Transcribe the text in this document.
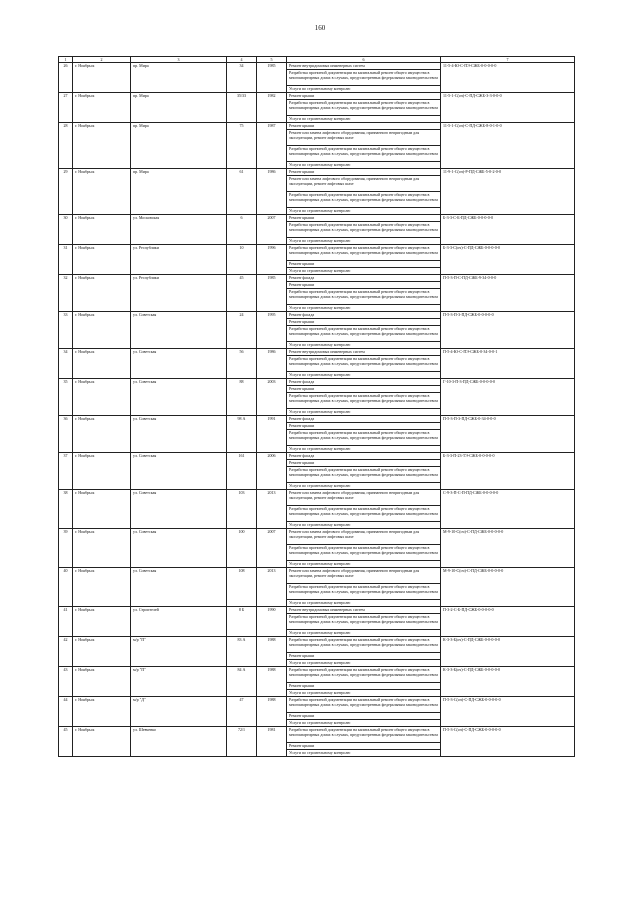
160
1	2	3	4	5	6	7
26	г. Ноябрьск	пр. Мира	34	1985	Ремонт внутридомовых инженерных систем	11-5-4-Ю-С-ПЭ-СЖБ-0-0-0-0-0
					Разработка проектной документации на капитальный ремонт общего имущества в многоквартирных домах в случаях, предусмотренных федеральным законодательством	
					Услуги по строительному контролю	
27	г. Ноябрьск	пр. Мира	35/33	1982	Ремонт крыши	11-5-1-С(оч)-С-ПД-СЖБ-3-3-0-0-0
					Разработка проектной документации на капитальный ремонт общего имущества в многоквартирных домах в случаях, предусмотренных федеральным законодательством	
					Услуги по строительному контролю	
28	г. Ноябрьск	пр. Мира	75	1987	Ремонт крыши	11-5-1-С(оч)-С-ПД-СЖБ-8-0-1-0-0
					Ремонт или замена лифтового оборудования, признанного непригодным для эксплуатации, ремонт лифтовых шахт	
					Разработка проектной документации на капитальный ремонт общего имущества в многоквартирных домах в случаях, предусмотренных федеральным законодательством	
					Услуги по строительному контролю	
29	г. Ноябрьск	пр. Мира	61	1986	Ремонт крыши	11-9-1-С(оч)-Р-ПД-СЖБ-5-0-2-0-0
					Ремонт или замена лифтового оборудования, признанного непригодным для эксплуатации, ремонт лифтовых шахт	
					Разработка проектной документации на капитальный ремонт общего имущества в многоквартирных домах в случаях, предусмотренных федеральным законодательством	
					Услуги по строительному контролю	
30	г. Ноябрьск	ул. Московская	6	2007	Ремонт крыши	Б-3-3-С-Б-ПД-СЖБ-0-0-0-0-0
					Разработка проектной документации на капитальный ремонт общего имущества в многоквартирных домах в случаях, предусмотренных федеральным законодательством	
					Услуги по строительному контролю	
31	г. Ноябрьск	ул. Республики	10	1996	Разработка проектной документации на капитальный ремонт общего имущества в многоквартирных домах в случаях, предусмотренных федеральным законодательством	Б-3-3-С(оч)-С-ПД-СЖБ-0-0-0-0-0
					Ремонт крыши	
					Услуги по строительному контролю	
32	г. Ноябрьск	ул. Республики	45	1985	Ремонт фасада	П-5-3-П-С-ПД-СЖБ-9-34-0-0-0
					Ремонт крыши	
					Разработка проектной документации на капитальный ремонт общего имущества в многоквартирных домах в случаях, предусмотренных федеральным законодательством	
					Услуги по строительному контролю	
33	г. Ноябрьск	ул. Советская	24	1995	Ремонт фасада	П-5-3-П-3-ПД-СЖБ-0-0-0-0-0
					Ремонт крыши	
					Разработка проектной документации на капитальный ремонт общего имущества в многоквартирных домах в случаях, предусмотренных федеральным законодательством	
					Услуги по строительному контролю	
34	г. Ноябрьск	ул. Советская	56	1986	Ремонт внутридомовых инженерных систем	П-5-4-Ю-С-ПЭ-СЖБ-0-34-0-0-1
					Разработка проектной документации на капитальный ремонт общего имущества в многоквартирных домах в случаях, предусмотренных федеральным законодательством	
					Услуги по строительному контролю	
35	г. Ноябрьск	ул. Советская	88	2003	Ремонт фасада	Г-10-3-П-3-ПД-СЖБ-0-0-0-0-0
					Ремонт крыши	
					Разработка проектной документации на капитальный ремонт общего имущества в многоквартирных домах в случаях, предусмотренных федеральным законодательством	
					Услуги по строительному контролю	
36	г. Ноябрьск	ул. Советская	98 А	1991	Ремонт фасада	П-5-3-П-3-ПД-СЖБ-0-34-0-0-0
					Ремонт крыши	
					Разработка проектной документации на капитальный ремонт общего имущества в многоквартирных домах в случаях, предусмотренных федеральным законодательством	
					Услуги по строительному контролю	
37	г. Ноябрьск	ул. Советская	161	2006	Ремонт фасада	Б-3-3-П-23-ТЭ-СЖБ-0-0-0-0-0
					Ремонт крыши	
					Разработка проектной документации на капитальный ремонт общего имущества в многоквартирных домах в случаях, предусмотренных федеральным законодательством	
					Услуги по строительному контролю	
38	г. Ноябрьск	ул. Советская	103	2013	Ремонт или замена лифтового оборудования, признанного непригодным для эксплуатации, ремонт лифтовых шахт	С-9-3-П-С-П-ПД-СЖБ-0-0-0-0-0
					Разработка проектной документации на капитальный ремонт общего имущества в многоквартирных домах в случаях, предусмотренных федеральным законодательством	
					Услуги по строительному контролю	
39	г. Ноябрьск	ул. Советская	100	2007	Ремонт или замена лифтового оборудования, признанного непригодным для эксплуатации, ремонт лифтовых шахт	М-9-10-С(оч)-С-ПД-СЖБ-0-0-0-0-0
					Разработка проектной документации на капитальный ремонт общего имущества в многоквартирных домах в случаях, предусмотренных федеральным законодательством	
					Услуги по строительному контролю	
40	г. Ноябрьск	ул. Советская	108	2013	Ремонт или замена лифтового оборудования, признанного непригодным для эксплуатации, ремонт лифтовых шахт	М-9-10-С(оч)-С-ПД-СЖБ-0-0-0-0-0
					Разработка проектной документации на капитальный ремонт общего имущества в многоквартирных домах в случаях, предусмотренных федеральным законодательством	
					Услуги по строительному контролю	
41	г. Ноябрьск	ул. Строителей	8 Б	1990	Ремонт внутридомовых инженерных систем	П-3-2-С-Б-ПД-СЖБ-0-0-0-0-0
					Разработка проектной документации на капитальный ремонт общего имущества в многоквартирных домах в случаях, предусмотренных федеральным законодательством	
					Услуги по строительному контролю	
42	г. Ноябрьск	м/р "П"	83 А	1988	Разработка проектной документации на капитальный ремонт общего имущества в многоквартирных домах в случаях, предусмотренных федеральным законодательством	К-3-3-Б(оч)-С-ПД-СЖБ-0-0-0-0-0
					Ремонт крыши	
					Услуги по строительному контролю	
43	г. Ноябрьск	м/р "П"	84 А	1988	Разработка проектной документации на капитальный ремонт общего имущества в многоквартирных домах в случаях, предусмотренных федеральным законодательством	К-3-3-Б(оч)-С-ПД-СЖБ-0-0-0-0-0
					Ремонт крыши	
					Услуги по строительному контролю	
44	г. Ноябрьск	м/р "Д"	47	1988	Разработка проектной документации на капитальный ремонт общего имущества в многоквартирных домах в случаях, предусмотренных федеральным законодательством	П-5-3-С(оч)-С-ПД-СЖБ-0-0-0-0-0
					Ремонт крыши	
					Услуги по строительному контролю	
45	г. Ноябрьск	ул. Шевченко	72/1	1981	Разработка проектной документации на капитальный ремонт общего имущества в многоквартирных домах в случаях, предусмотренных федеральным законодательством	П-5-3-С(оч)-С-ПД-СЖБ-0-0-0-0-0
					Ремонт крыши	
					Услуги по строительному контролю	
